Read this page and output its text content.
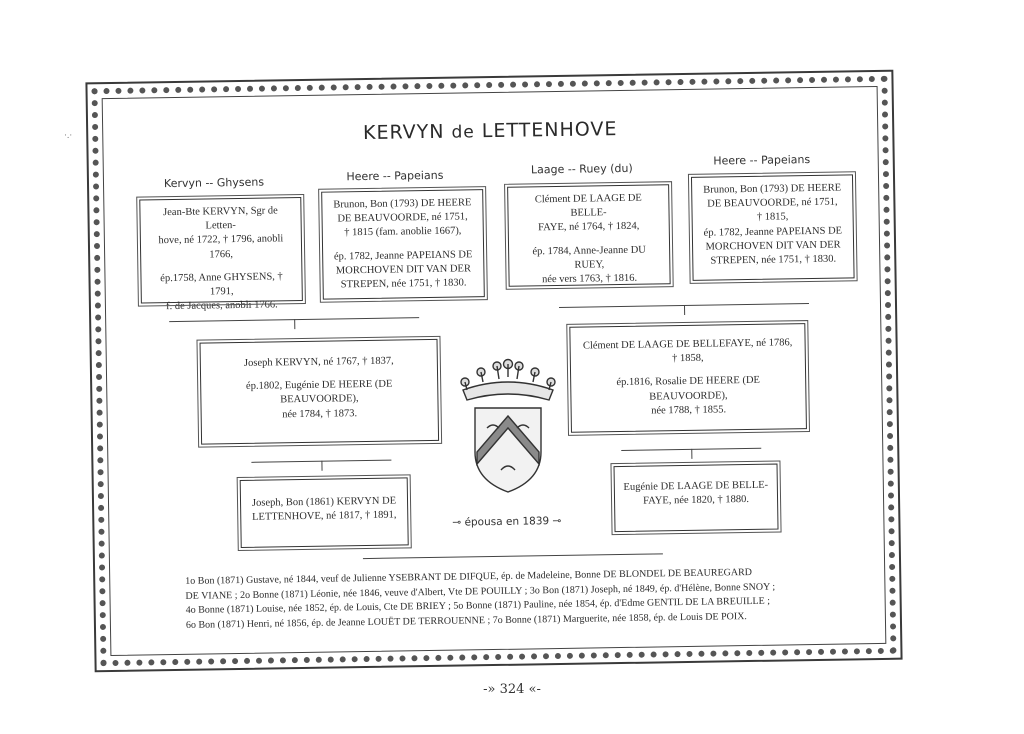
·.·	KERVYN de LETTENHOVE
Kervyn -- Ghysens	Heere -- Papeians	Laage -- Ruey (du)
Heere -- Papeians

Jean-Bte KERVYN, Sgr de Letten-

hove, né 1722, † 1796, anobli

1766,

ép.1758, Anne GHYSENS, † 1791,

f. de Jacques, anobli 1766.

Brunon, Bon (1793) DE HEERE

DE BEAUVOORDE, né 1751,

† 1815 (fam. anoblie 1667),

ép. 1782, Jeanne PAPEIANS DE

MORCHOVEN DIT VAN DER

STREPEN, née 1751, † 1830.

Clément DE LAAGE DE BELLE-

FAYE, né 1764, † 1824,

ép. 1784, Anne-Jeanne DU RUEY,

née vers 1763, † 1816.

Brunon, Bon (1793) DE HEERE

DE BEAUVOORDE, né 1751,

† 1815,

ép. 1782, Jeanne PAPEIANS DE

MORCHOVEN DIT VAN DER

STREPEN, née 1751, † 1830.

Joseph KERVYN, né 1767, † 1837,

ép.1802, Eugénie DE HEERE (DE BEAUVOORDE),

née 1784, † 1873.

Clément DE LAAGE DE BELLEFAYE, né 1786,

† 1858,

ép.1816, Rosalie DE HEERE (DE BEAUVOORDE),

née 1788, † 1855.

Joseph, Bon (1861) KERVYN DE

LETTENHOVE, né 1817, † 1891,

Eugénie DE LAAGE DE BELLE-

FAYE, née 1820, † 1880.

⊸ épousa en 1839 ⊸

1o Bon (1871) Gustave, né 1844, veuf de Julienne YSEBRANT DE DIFQUE, ép. de Madeleine, Bonne DE BLONDEL DE BEAUREGARD

DE VIANE ; 2o Bonne (1871) Léonie, née 1846, veuve d'Albert, Vte DE POUILLY ; 3o Bon (1871) Joseph, né 1849, ép. d'Hélène, Bonne SNOY ;

4o Bonne (1871) Louise, née 1852, ép. de Louis, Cte DE BRIEY ; 5o Bonne (1871) Pauline, née 1854, ép. d'Edme GENTIL DE LA BREUILLE ;

6o Bon (1871) Henri, né 1856, ép. de Jeanne LOUËT DE TERROUENNE ; 7o Bonne (1871) Marguerite, née 1858, ép. de Louis DE POIX.

-» 324 «-
